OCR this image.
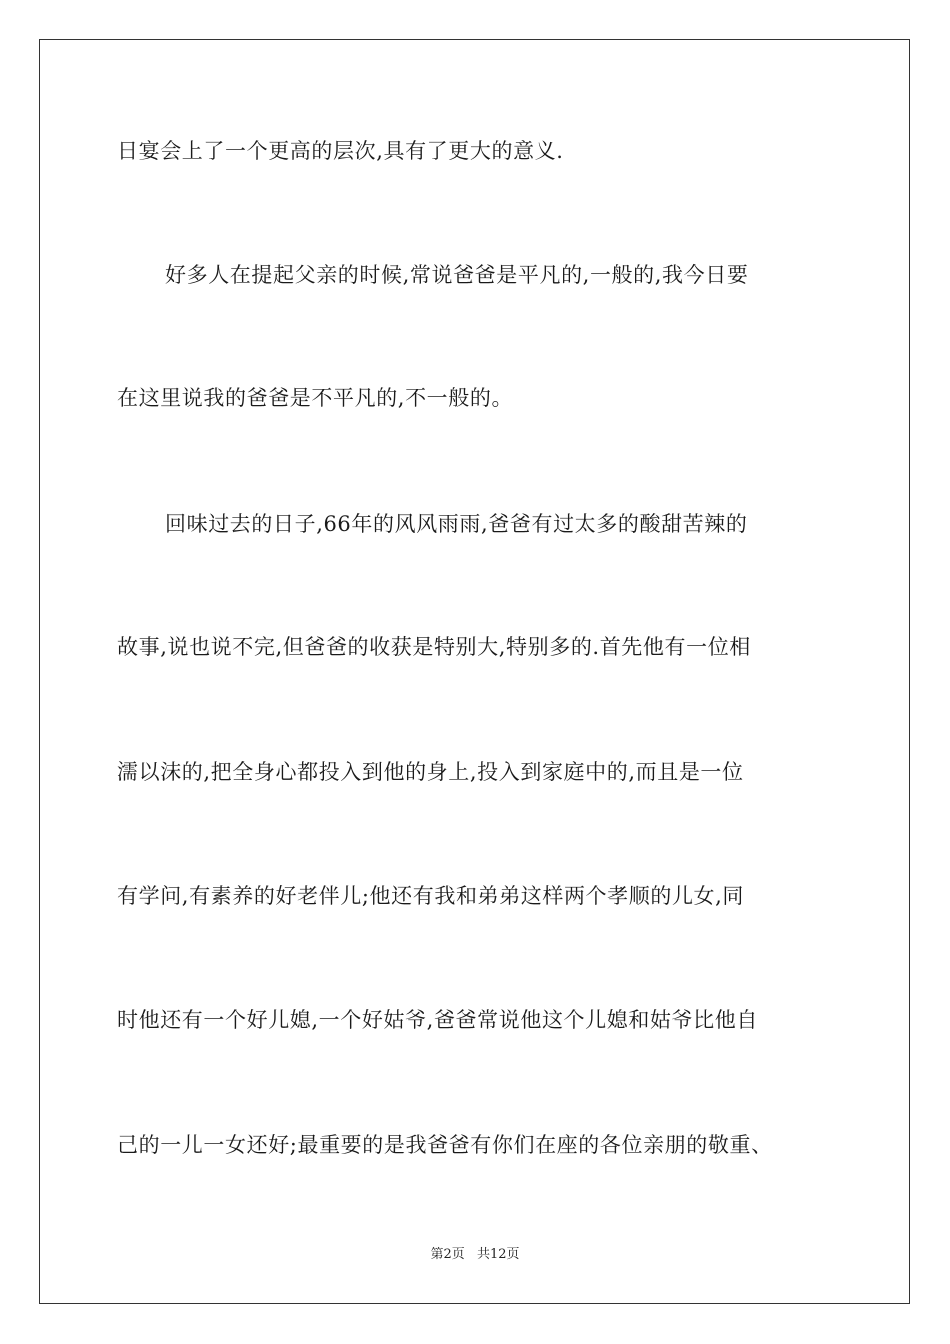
日宴会上了一个更高的层次,具有了更大的意义.
好多人在提起父亲的时候,常说爸爸是平凡的,一般的,我今日要
在这里说我的爸爸是不平凡的,不一般的。
回味过去的日子,66年的风风雨雨,爸爸有过太多的酸甜苦辣的
故事,说也说不完,但爸爸的收获是特别大,特别多的.首先他有一位相
濡以沫的,把全身心都投入到他的身上,投入到家庭中的,而且是一位
有学问,有素养的好老伴儿;他还有我和弟弟这样两个孝顺的儿女,同
时他还有一个好儿媳,一个好姑爷,爸爸常说他这个儿媳和姑爷比他自
己的一儿一女还好;最重要的是我爸爸有你们在座的各位亲朋的敬重、
第2页 共12页
